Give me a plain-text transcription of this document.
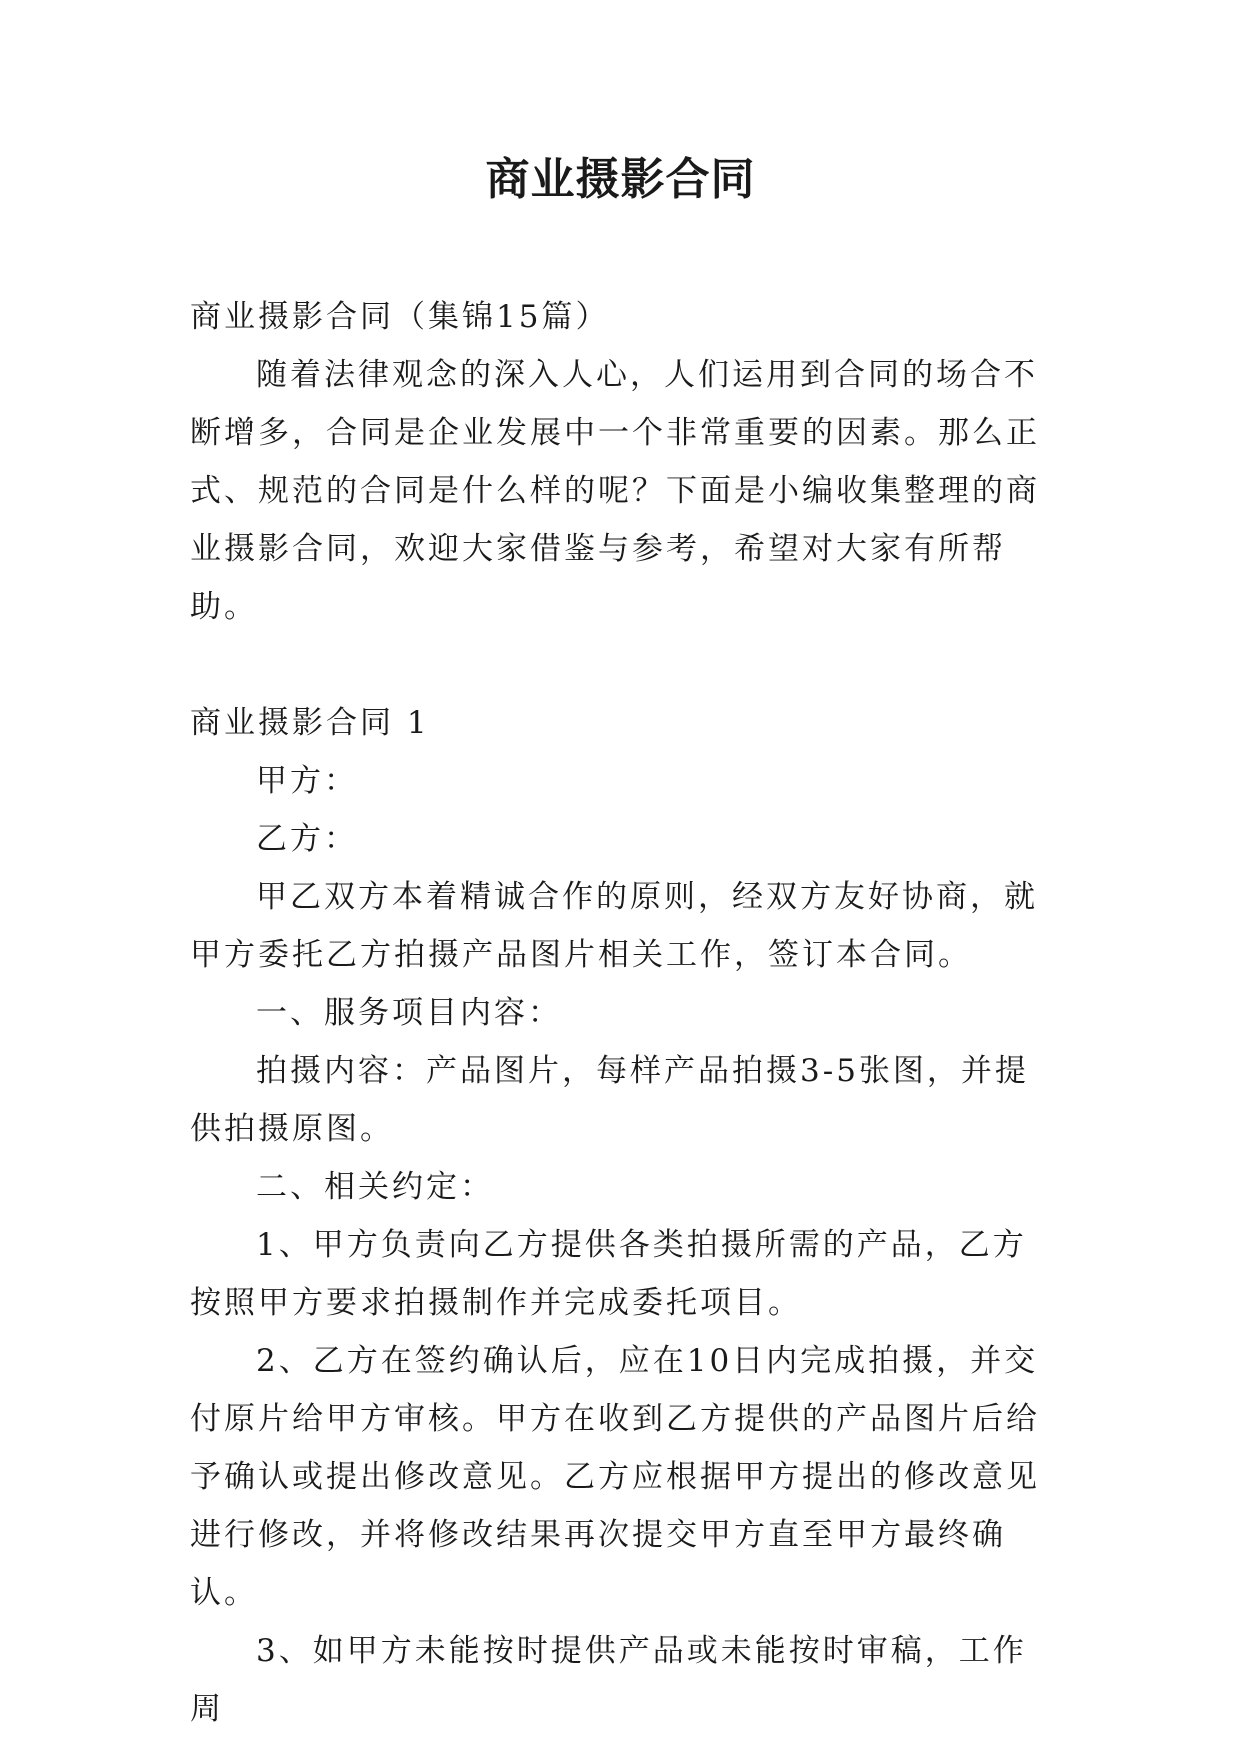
商业摄影合同

商业摄影合同（集锦15篇）

随着法律观念的深入人心，人们运用到合同的场合不断增多，合同是企业发展中一个非常重要的因素。那么正式、规范的合同是什么样的呢？下面是小编收集整理的商业摄影合同，欢迎大家借鉴与参考，希望对大家有所帮助。

商业摄影合同 1

甲方：

乙方：

甲乙双方本着精诚合作的原则，经双方友好协商，就甲方委托乙方拍摄产品图片相关工作，签订本合同。

一、服务项目内容：

拍摄内容：产品图片，每样产品拍摄3-5张图，并提供拍摄原图。

二、相关约定：

1、甲方负责向乙方提供各类拍摄所需的产品，乙方按照甲方要求拍摄制作并完成委托项目。

2、乙方在签约确认后，应在10日内完成拍摄，并交付原片给甲方审核。甲方在收到乙方提供的产品图片后给予确认或提出修改意见。乙方应根据甲方提出的修改意见进行修改，并将修改结果再次提交甲方直至甲方最终确认。

3、如甲方未能按时提供产品或未能按时审稿，工作周
